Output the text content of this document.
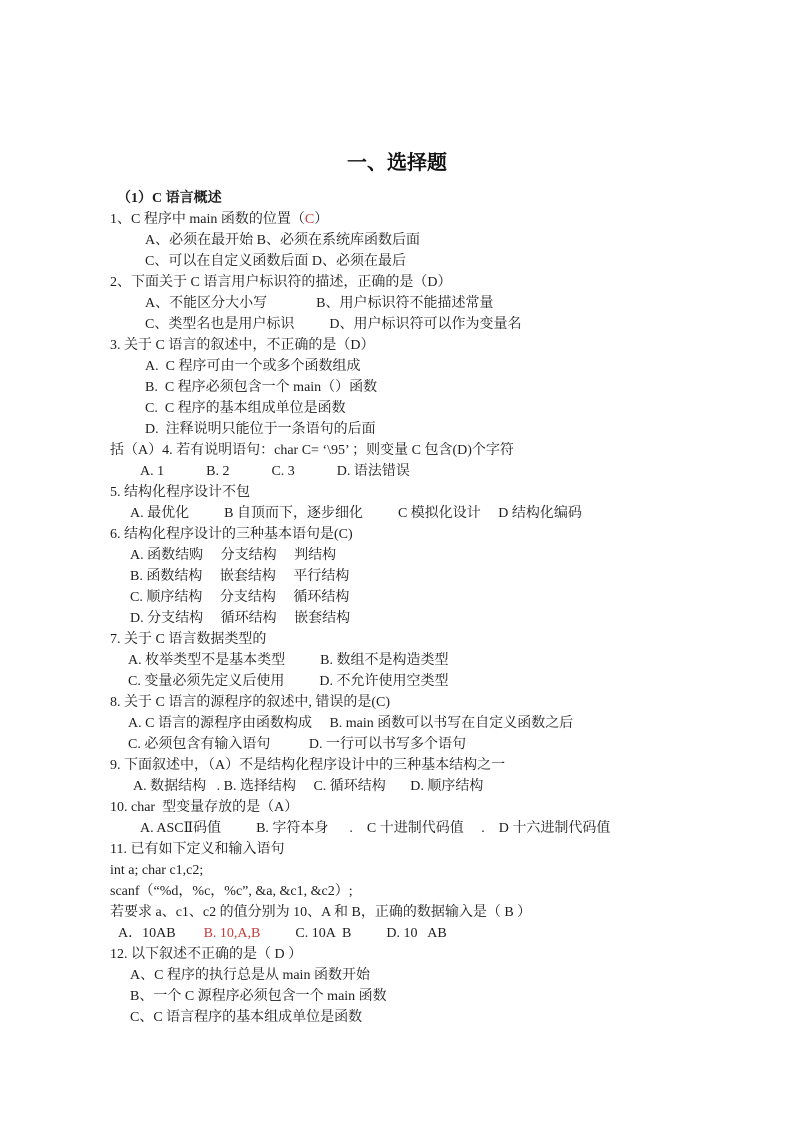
一、选择题
（1）C 语言概述
1、C 程序中 main 函数的位置（C）
A、必须在最开始 B、必须在系统库函数后面
C、可以在自定义函数后面 D、必须在最后
2、下面关于 C 语言用户标识符的描述，正确的是（D）
A、不能区分大小写              B、用户标识符不能描述常量
C、类型名也是用户标识          D、用户标识符可以作为变量名
3. 关于 C 语言的叙述中，不正确的是（D）
A.  C 程序可由一个或多个函数组成
B.  C 程序必须包含一个 main（）函数
C.  C 程序的基本组成单位是函数
D.  注释说明只能位于一条语句的后面
括（A）4. 若有说明语句：char C= ‘\95’ ；则变量 C 包含(D)个字符
A. 1            B. 2            C. 3            D. 语法错误
5. 结构化程序设计不包
A. 最优化          B 自顶而下，逐步细化          C 模拟化设计     D 结构化编码
6. 结构化程序设计的三种基本语句是(C)
A. 函数结购     分支结构     判结构
B. 函数结构     嵌套结构     平行结构
C. 顺序结构     分支结构     循环结构
D. 分支结构     循环结构     嵌套结构
7. 关于 C 语言数据类型的
A. 枚举类型不是基本类型          B. 数组不是构造类型
C. 变量必须先定义后使用          D. 不允许使用空类型
8. 关于 C 语言的源程序的叙述中, 错误的是(C)
A. C 语言的源程序由函数构成     B. main 函数可以书写在自定义函数之后
C. 必须包含有输入语句           D. 一行可以书写多个语句
9. 下面叙述中，（A）不是结构化程序设计中的三种基本结构之一
A. 数据结构   . B. 选择结构     C. 循环结构       D. 顺序结构
10. char  型变量存放的是（A）
A. ASCⅡ码值          B. 字符本身      .    C 十进制代码值     .    D 十六进制代码值
11. 已有如下定义和输入语句
int a; char c1,c2;
scanf（“%d，%c，%c”, &a, &c1, &c2）;
若要求 a、c1、c2 的值分别为 10、A 和 B，正确的数据输入是（ B ）
A．10AB        B. 10,A,B          C. 10A  B          D. 10   AB
12. 以下叙述不正确的是（ D ）
A、C 程序的执行总是从 main 函数开始
B、一个 C 源程序必须包含一个 main 函数
C、C 语言程序的基本组成单位是函数
